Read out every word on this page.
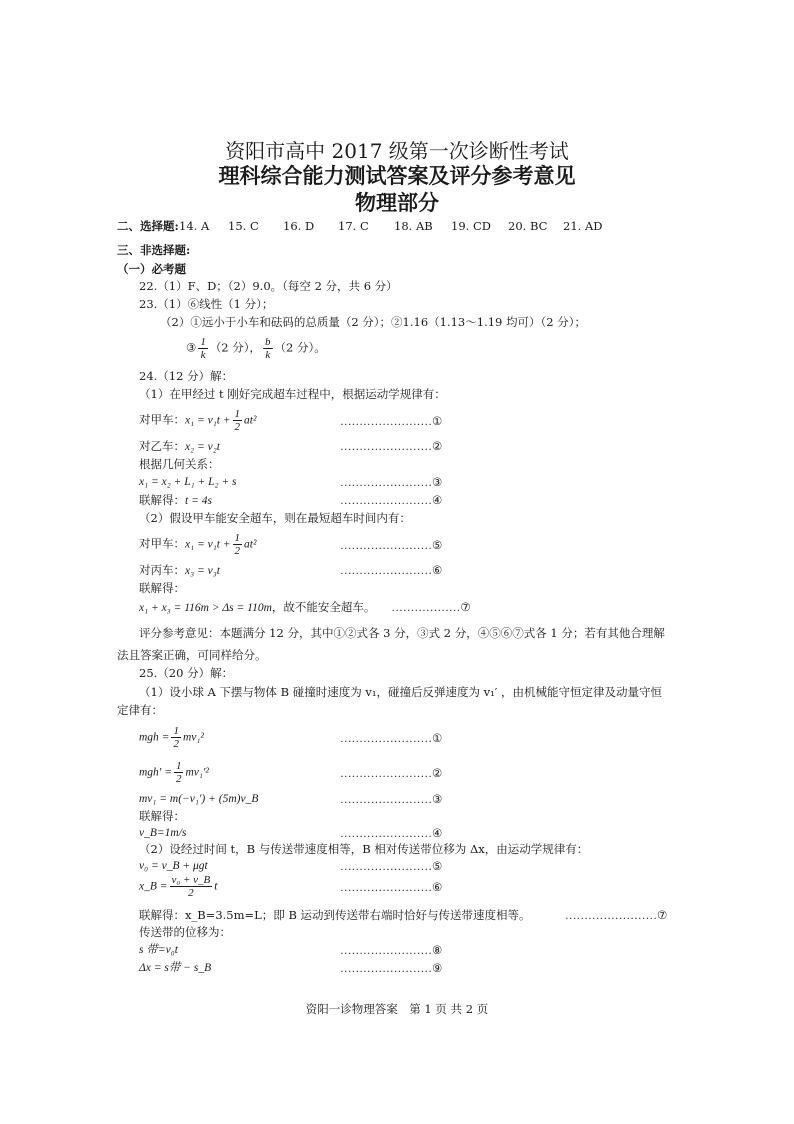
资阳市高中 2017 级第一次诊断性考试
理科综合能力测试答案及评分参考意见
物理部分
二、选择题: 14. A 15. C 16. D 17. C 18. AB 19. CD 20. BC 21. AD
三、非选择题:
（一）必考题
22.（1）F、D；（2）9.0。（每空 2 分，共 6 分）
23.（1）⑥线性（1 分）；
（2）①远小于小车和砝码的总质量（2 分）；②1.16（1.13～1.19 均可）（2 分）；
③ $\frac{1}{k} (2$ 分）， $\frac{b}{k} (2$ 分）。
24.（12 分）解：
（1）在甲经过 t 刚好完成超车过程中，根据运动学规律有：
对甲车：$x_1 = v_1t + \frac{1}{2} at^2$	……………………①
对乙车：x₂ = v₂t	……………………②
根据几何关系：
x₁ = x₂ + L₁ + L₂ + s	……………………③
联解得：t = 4s	……………………④
（2）假设甲车能安全超车，则在最短超车时间内有：
对甲车：$x_1 = v_1t + \frac{1}{2} at^2$	……………………⑤
对丙车：x₃ = v₃t	……………………⑥
联解得：
x₁ + x₃ = 116m > Δs = 110m，故不能安全超车。 ………………⑦
评分参考意见：本题满分 12 分，其中①②式各 3 分，③式 2 分，④⑤⑥⑦式各 1 分；若有其他合理解
法且答案正确，可同样给分。
25.（20 分）解：
（1）设小球 A 下摆与物体 B 碰撞时速度为 v₁，碰撞后反弹速度为 v₁′ ，由机械能守恒定律及动量守恒
定律有：
mgh = $\frac{1}{2} mv_1^2$	……………………①
$mgh' = \frac{1}{2} mv_1'^2$	……………………②
mv₁ = m(−v₁′) + (5m)v_B	……………………③
联解得：
v_B=1m/s	……………………④
（2）设经过时间 t，B 与传送带速度相等，B 相对传送带位移为 Δx，由运动学规律有：
v₀ = v_B + μgt	……………………⑤
x_B = $\frac{\text{v₀ + v\_B}}{2}$ t	……………………⑥
联解得：x_B=3.5m=L；即 B 运动到传送带右端时恰好与传送带速度相等。	……………………⑦
传送带的位移为：
s 带=v₀t	……………………⑧
Δx = s带 − s_B	……………………⑨
资阳一诊物理答案　第 1 页 共 2 页
